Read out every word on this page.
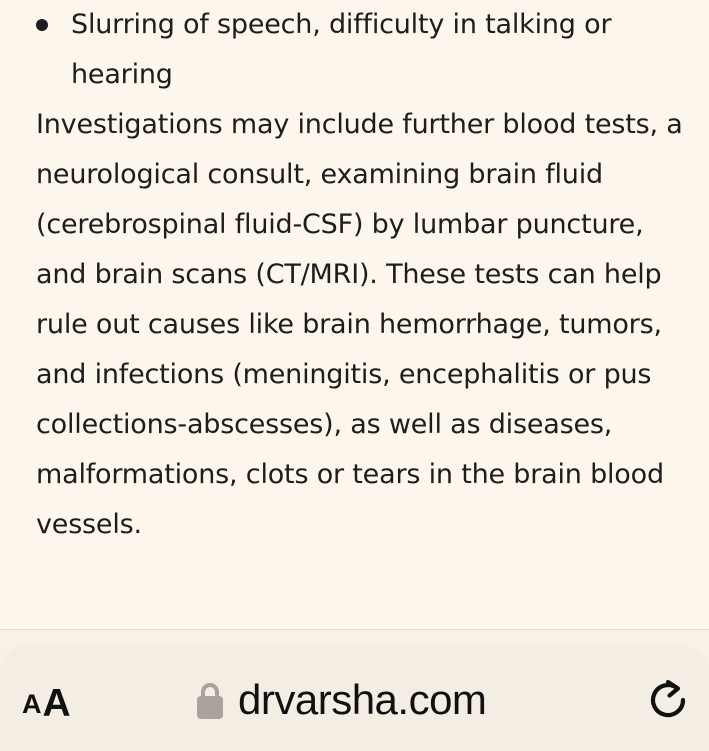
Slurring of speech, difficulty in talking or hearing

Investigations may include further blood tests, a neurological consult, examining brain fluid (cerebrospinal fluid-CSF) by lumbar puncture, and brain scans (CT/MRI). These tests can help rule out causes like brain hemorrhage, tumors, and infections (meningitis, encephalitis or pus collections-abscesses), as well as diseases, malformations, clots or tears in the brain blood vessels.

A A	drvarsha.com
